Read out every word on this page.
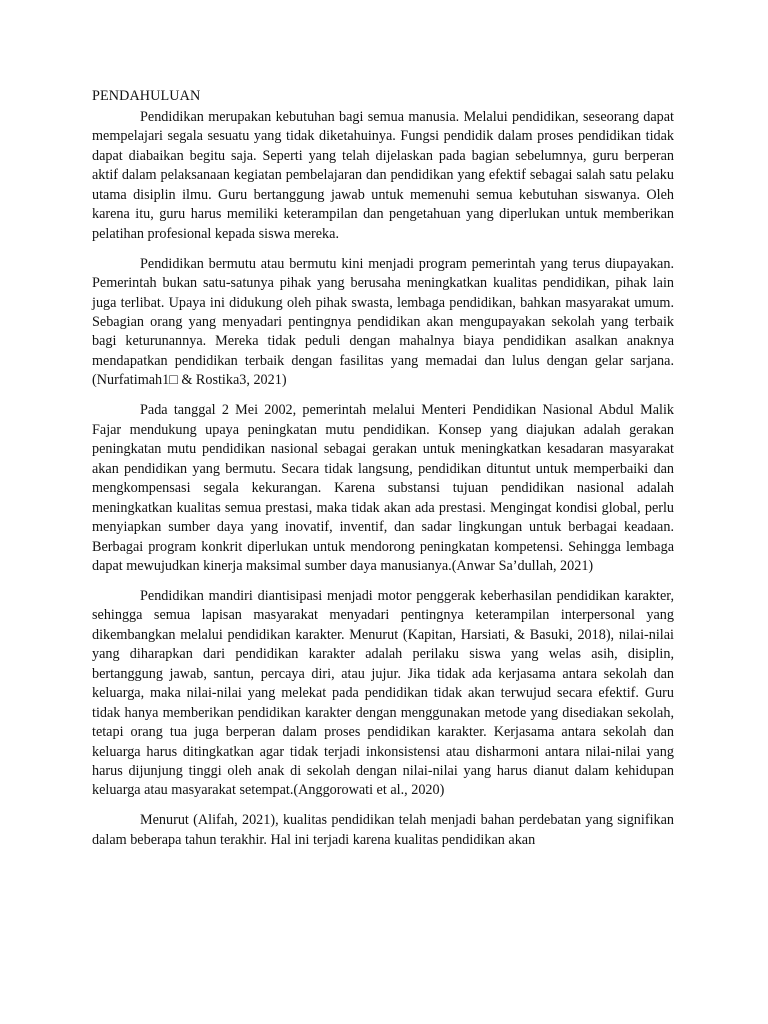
PENDAHULUAN

Pendidikan merupakan kebutuhan bagi semua manusia. Melalui pendidikan, seseorang dapat mempelajari segala sesuatu yang tidak diketahuinya. Fungsi pendidik dalam proses pendidikan tidak dapat diabaikan begitu saja. Seperti yang telah dijelaskan pada bagian sebelumnya, guru berperan aktif dalam pelaksanaan kegiatan pembelajaran dan pendidikan yang efektif sebagai salah satu pelaku utama disiplin ilmu. Guru bertanggung jawab untuk memenuhi semua kebutuhan siswanya. Oleh karena itu, guru harus memiliki keterampilan dan pengetahuan yang diperlukan untuk memberikan pelatihan profesional kepada siswa mereka.

Pendidikan bermutu atau bermutu kini menjadi program pemerintah yang terus diupayakan. Pemerintah bukan satu-satunya pihak yang berusaha meningkatkan kualitas pendidikan, pihak lain juga terlibat. Upaya ini didukung oleh pihak swasta, lembaga pendidikan, bahkan masyarakat umum. Sebagian orang yang menyadari pentingnya pendidikan akan mengupayakan sekolah yang terbaik bagi keturunannya. Mereka tidak peduli dengan mahalnya biaya pendidikan asalkan anaknya mendapatkan pendidikan terbaik dengan fasilitas yang memadai dan lulus dengan gelar sarjana.(Nurfatimah1□ & Rostika3, 2021)

Pada tanggal 2 Mei 2002, pemerintah melalui Menteri Pendidikan Nasional Abdul Malik Fajar mendukung upaya peningkatan mutu pendidikan. Konsep yang diajukan adalah gerakan peningkatan mutu pendidikan nasional sebagai gerakan untuk meningkatkan kesadaran masyarakat akan pendidikan yang bermutu. Secara tidak langsung, pendidikan dituntut untuk memperbaiki dan mengkompensasi segala kekurangan. Karena substansi tujuan pendidikan nasional adalah meningkatkan kualitas semua prestasi, maka tidak akan ada prestasi. Mengingat kondisi global, perlu menyiapkan sumber daya yang inovatif, inventif, dan sadar lingkungan untuk berbagai keadaan. Berbagai program konkrit diperlukan untuk mendorong peningkatan kompetensi. Sehingga lembaga dapat mewujudkan kinerja maksimal sumber daya manusianya.(Anwar Sa’dullah, 2021)

Pendidikan mandiri diantisipasi menjadi motor penggerak keberhasilan pendidikan karakter, sehingga semua lapisan masyarakat menyadari pentingnya keterampilan interpersonal yang dikembangkan melalui pendidikan karakter. Menurut (Kapitan, Harsiati, & Basuki, 2018), nilai-nilai yang diharapkan dari pendidikan karakter adalah perilaku siswa yang welas asih, disiplin, bertanggung jawab, santun, percaya diri, atau jujur. Jika tidak ada kerjasama antara sekolah dan keluarga, maka nilai-nilai yang melekat pada pendidikan tidak akan terwujud secara efektif. Guru tidak hanya memberikan pendidikan karakter dengan menggunakan metode yang disediakan sekolah, tetapi orang tua juga berperan dalam proses pendidikan karakter. Kerjasama antara sekolah dan keluarga harus ditingkatkan agar tidak terjadi inkonsistensi atau disharmoni antara nilai-nilai yang harus dijunjung tinggi oleh anak di sekolah dengan nilai-nilai yang harus dianut dalam kehidupan keluarga atau masyarakat setempat.(Anggorowati et al., 2020)

Menurut (Alifah, 2021), kualitas pendidikan telah menjadi bahan perdebatan yang signifikan dalam beberapa tahun terakhir. Hal ini terjadi karena kualitas pendidikan akan
